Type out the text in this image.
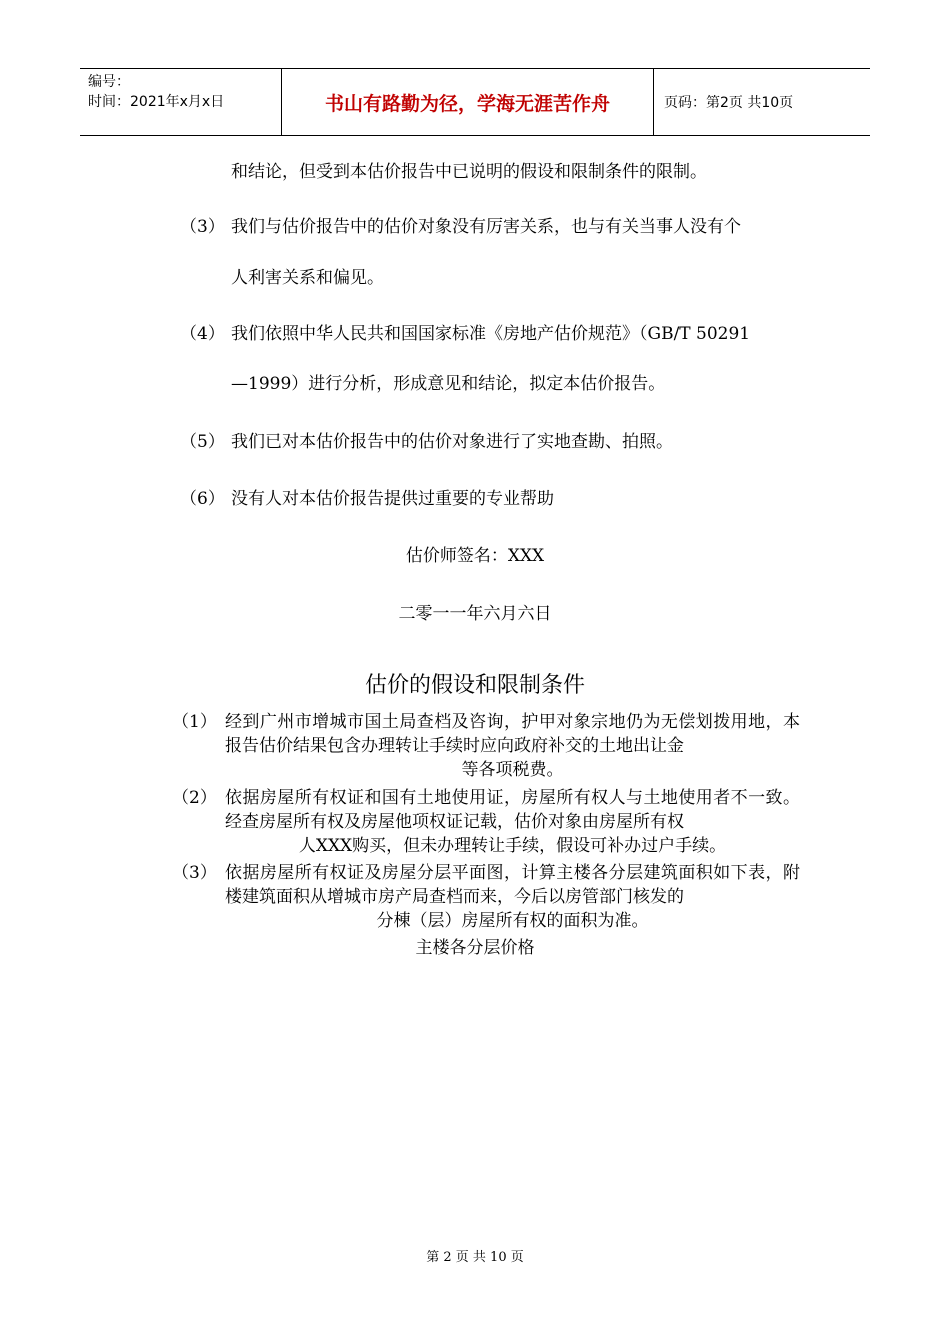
编号：
时间：2021年x月x日	书山有路勤为径，学海无涯苦作舟	页码：第2页 共10页
和结论，但受到本估价报告中已说明的假设和限制条件的限制。
（3） 我们与估价报告中的估价对象没有厉害关系，也与有关当事人没有个
人利害关系和偏见。
（4） 我们依照中华人民共和国国家标准《房地产估价规范》（GB/T 50291
—1999）进行分析，形成意见和结论，拟定本估价报告。
（5） 我们已对本估价报告中的估价对象进行了实地查勘、拍照。
（6） 没有人对本估价报告提供过重要的专业帮助
估价师签名：XXX
二零一一年六月六日
估价的假设和限制条件
（1） 经到广州市增城市国土局查档及咨询，护甲对象宗地仍为无偿划拨用地，本报告估价结果包含办理转让手续时应向政府补交的土地出让金
等各项税费。
（2） 依据房屋所有权证和国有土地使用证，房屋所有权人与土地使用者不一致。经查房屋所有权及房屋他项权证记载，估价对象由房屋所有权
人XXX购买，但未办理转让手续，假设可补办过户手续。
（3） 依据房屋所有权证及房屋分层平面图，计算主楼各分层建筑面积如下表，附楼建筑面积从增城市房产局查档而来，今后以房管部门核发的
分棟（层）房屋所有权的面积为准。
主楼各分层价格
第 2 页 共 10 页
